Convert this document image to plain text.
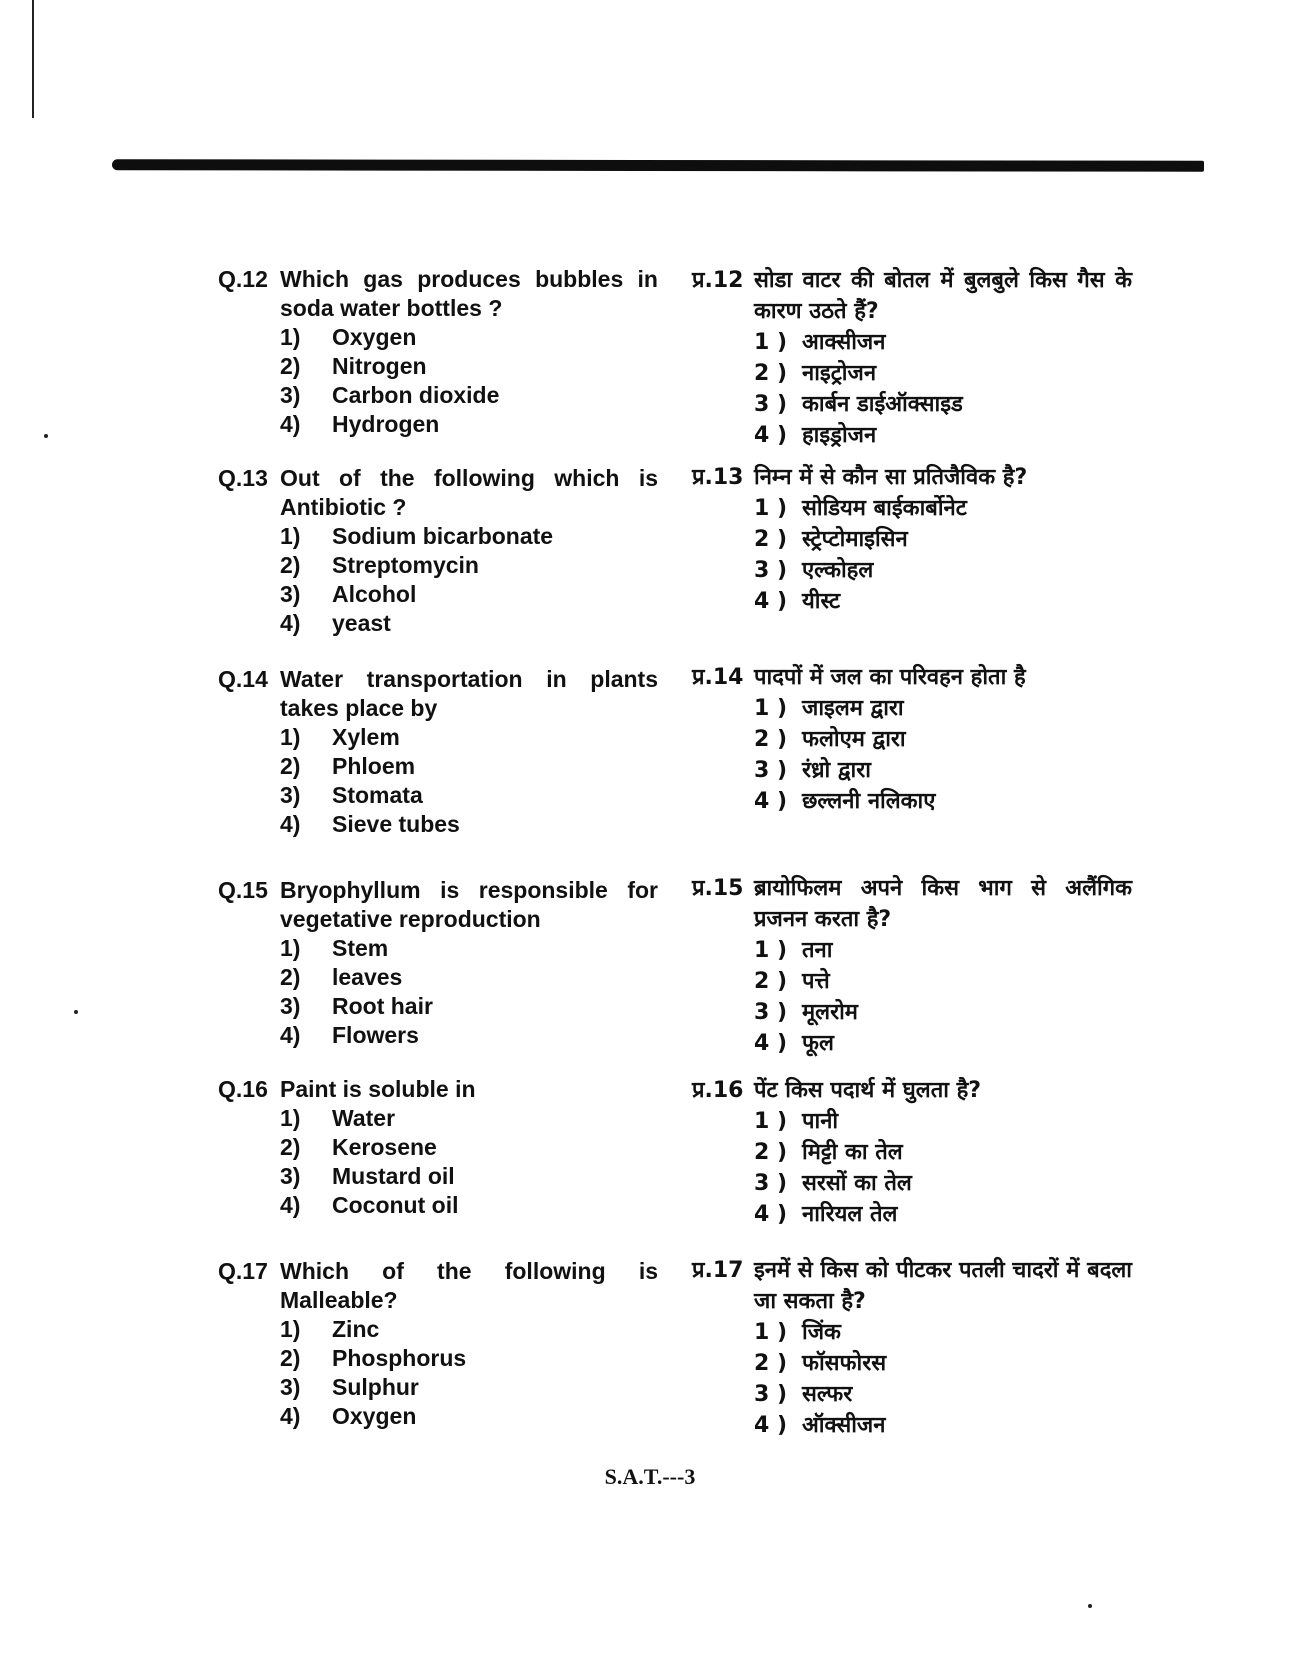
Q.12 Which gas produces bubbles in soda water bottles ?
1)	Oxygen
2)	Nitrogen
3)	Carbon dioxide
4)	Hydrogen
प्र.12 सोडा वाटर की बोतल में बुलबुले किस गैस के कारण उठते हैं?
1 ) आक्सीजन
2 ) नाइट्रोजन
3 ) कार्बन डाईऑक्साइड
4 ) हाइड्रोजन
Q.13 Out of the following which is Antibiotic ?
1)	Sodium bicarbonate
2)	Streptomycin
3)	Alcohol
4)	yeast
प्र.13 निम्न में से कौन सा प्रतिजैविक है?
1 ) सोडियम बाईकार्बोनेट
2 ) स्ट्रेप्टोमाइसिन
3 ) एल्कोहल
4 ) यीस्ट
Q.14 Water transportation in plants takes place by
1)	Xylem
2)	Phloem
3)	Stomata
4)	Sieve tubes
प्र.14 पादपों में जल का परिवहन होता है
1 ) जाइलम द्वारा
2 ) फलोएम द्वारा
3 ) रंध्रो द्वारा
4 ) छल्लनी नलिकाए
Q.15 Bryophyllum is responsible for vegetative reproduction
1)	Stem
2)	leaves
3)	Root hair
4)	Flowers
प्र.15 ब्रायोफिलम अपने किस भाग से अलैंगिक प्रजनन करता है?
1 ) तना
2 ) पत्ते
3 ) मूलरोम
4 ) फूल
Q.16 Paint is soluble in
1)	Water
2)	Kerosene
3)	Mustard oil
4)	Coconut oil
प्र.16 पेंट किस पदार्थ में घुलता है?
1 ) पानी
2 ) मिट्टी का तेल
3 ) सरसों का तेल
4 ) नारियल तेल
Q.17 Which of the following is Malleable?
1)	Zinc
2)	Phosphorus
3)	Sulphur
4)	Oxygen
प्र.17 इनमें से किस को पीटकर पतली चादरों में बदला जा सकता है?
1 ) जिंक
2 ) फॉसफोरस
3 ) सल्फर
4 ) ऑक्सीजन
S.A.T.---3
